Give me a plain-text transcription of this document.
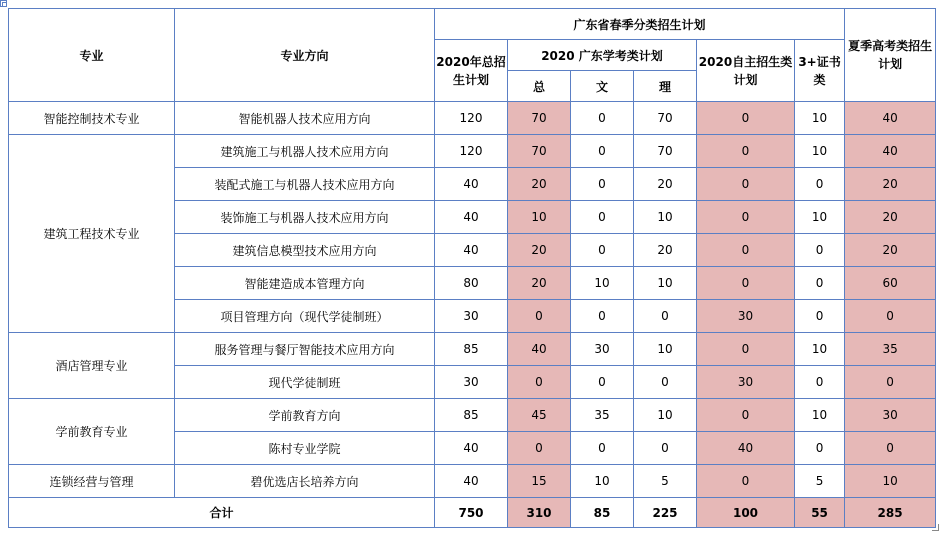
专业	专业方向	广东省春季分类招生计划						夏季高考类招生计划
		2020年总招生计划	2020 广东学考类计划			2020自主招生类计划	3+证书类	
			总	文	理			
智能控制技术专业	智能机器人技术应用方向	120	70	0	70	0	10	40
建筑工程技术专业	建筑施工与机器人技术应用方向	120	70	0	70	0	10	40
	装配式施工与机器人技术应用方向	40	20	0	20	0	0	20
	装饰施工与机器人技术应用方向	40	10	0	10	0	10	20
	建筑信息模型技术应用方向	40	20	0	20	0	0	20
	智能建造成本管理方向	80	20	10	10	0	0	60
	项目管理方向（现代学徒制班）	30	0	0	0	30	0	0
酒店管理专业	服务管理与餐厅智能技术应用方向	85	40	30	10	0	10	35
	现代学徒制班	30	0	0	0	30	0	0
学前教育专业	学前教育方向	85	45	35	10	0	10	30
	陈村专业学院	40	0	0	0	40	0	0
连锁经营与管理	碧优选店长培养方向	40	15	10	5	0	5	10
合计		750	310	85	225	100	55	285
